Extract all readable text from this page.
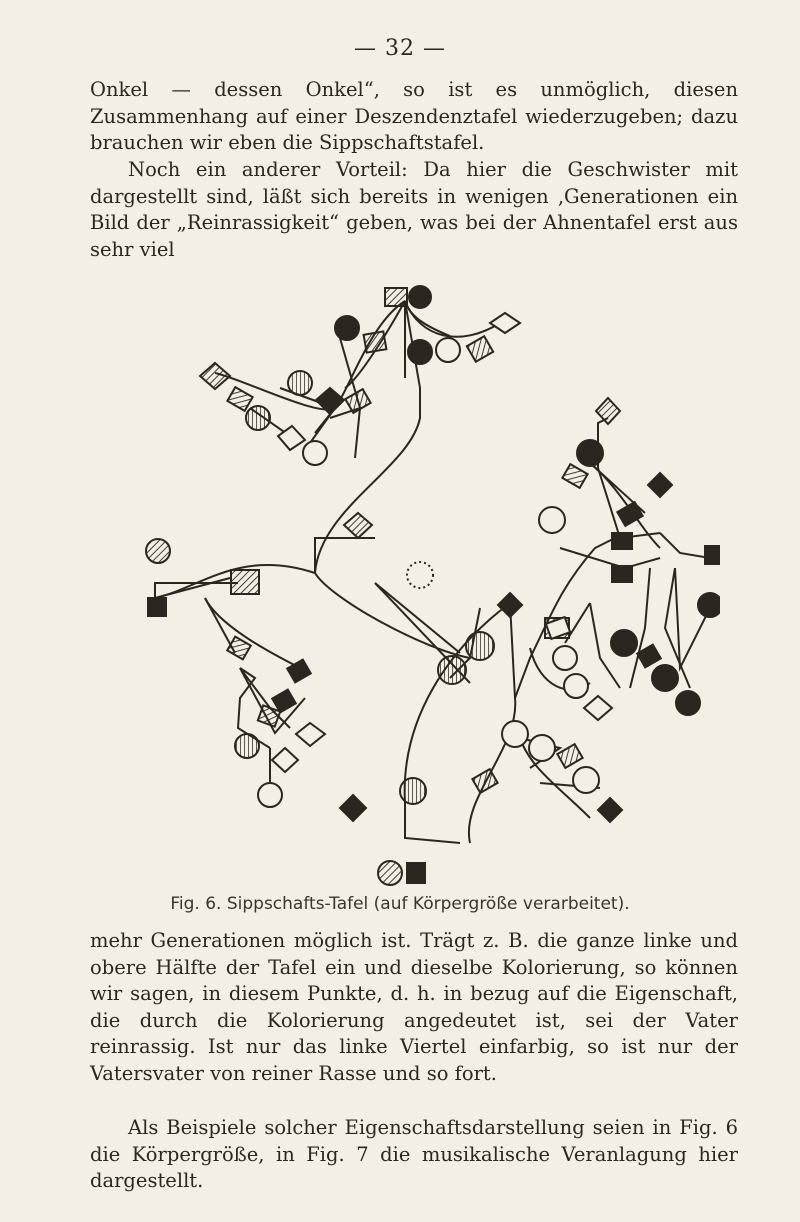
— 32 —

Onkel — dessen Onkel“, so ist es unmöglich, diesen Zusammenhang auf einer Deszendenztafel wiederzugeben; dazu brauchen wir eben die Sippschaftstafel.

Noch ein anderer Vorteil: Da hier die Geschwister mit dargestellt sind, läßt sich bereits in wenigen ‚Generationen ein Bild der „Reinrassigkeit“ geben, was bei der Ahnentafel erst aus sehr viel

Fig. 6. Sippschafts-Tafel (auf Körpergröße verarbeitet).

mehr Generationen möglich ist. Trägt z. B. die ganze linke und obere Hälfte der Tafel ein und dieselbe Kolorierung, so können wir sagen, in diesem Punkte, d. h. in bezug auf die Eigenschaft, die durch die Kolorierung angedeutet ist, sei der Vater reinrassig. Ist nur das linke Viertel einfarbig, so ist nur der Vatersvater von reiner Rasse und so fort.

Als Beispiele solcher Eigenschaftsdarstellung seien in Fig. 6 die Körpergröße, in Fig. 7 die musikalische Veranlagung hier dargestellt.
